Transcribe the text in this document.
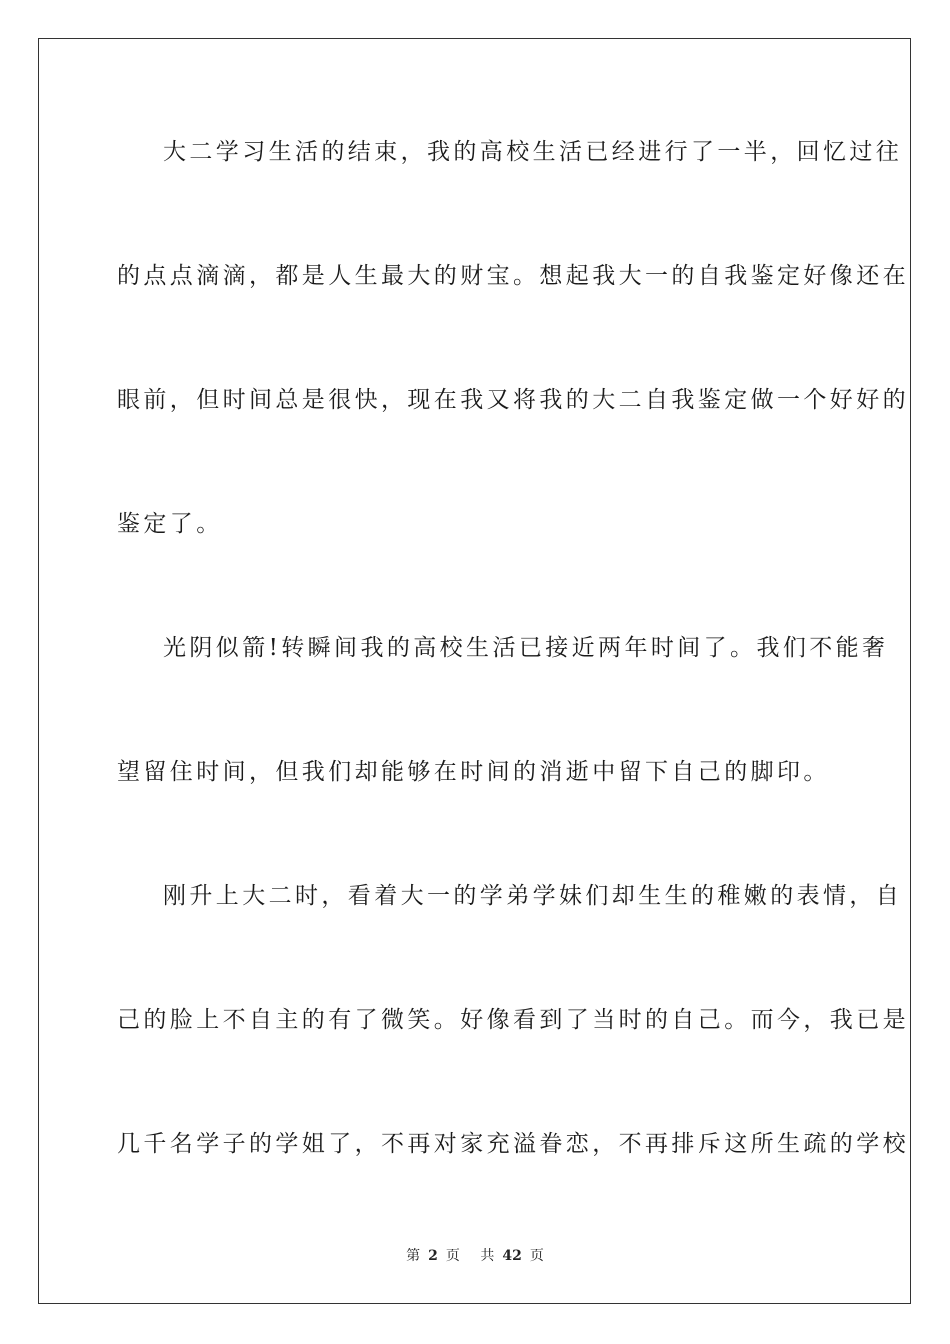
大二学习生活的结束，我的高校生活已经进行了一半，回忆过往
的点点滴滴，都是人生最大的财宝。想起我大一的自我鉴定好像还在
眼前，但时间总是很快，现在我又将我的大二自我鉴定做一个好好的
鉴定了。
光阴似箭!转瞬间我的高校生活已接近两年时间了。我们不能奢
望留住时间，但我们却能够在时间的消逝中留下自己的脚印。
刚升上大二时，看着大一的学弟学妹们却生生的稚嫩的表情，自
己的脸上不自主的有了微笑。好像看到了当时的自己。而今，我已是
几千名学子的学姐了，不再对家充溢眷恋，不再排斥这所生疏的学校
第 2 页 共 42 页
